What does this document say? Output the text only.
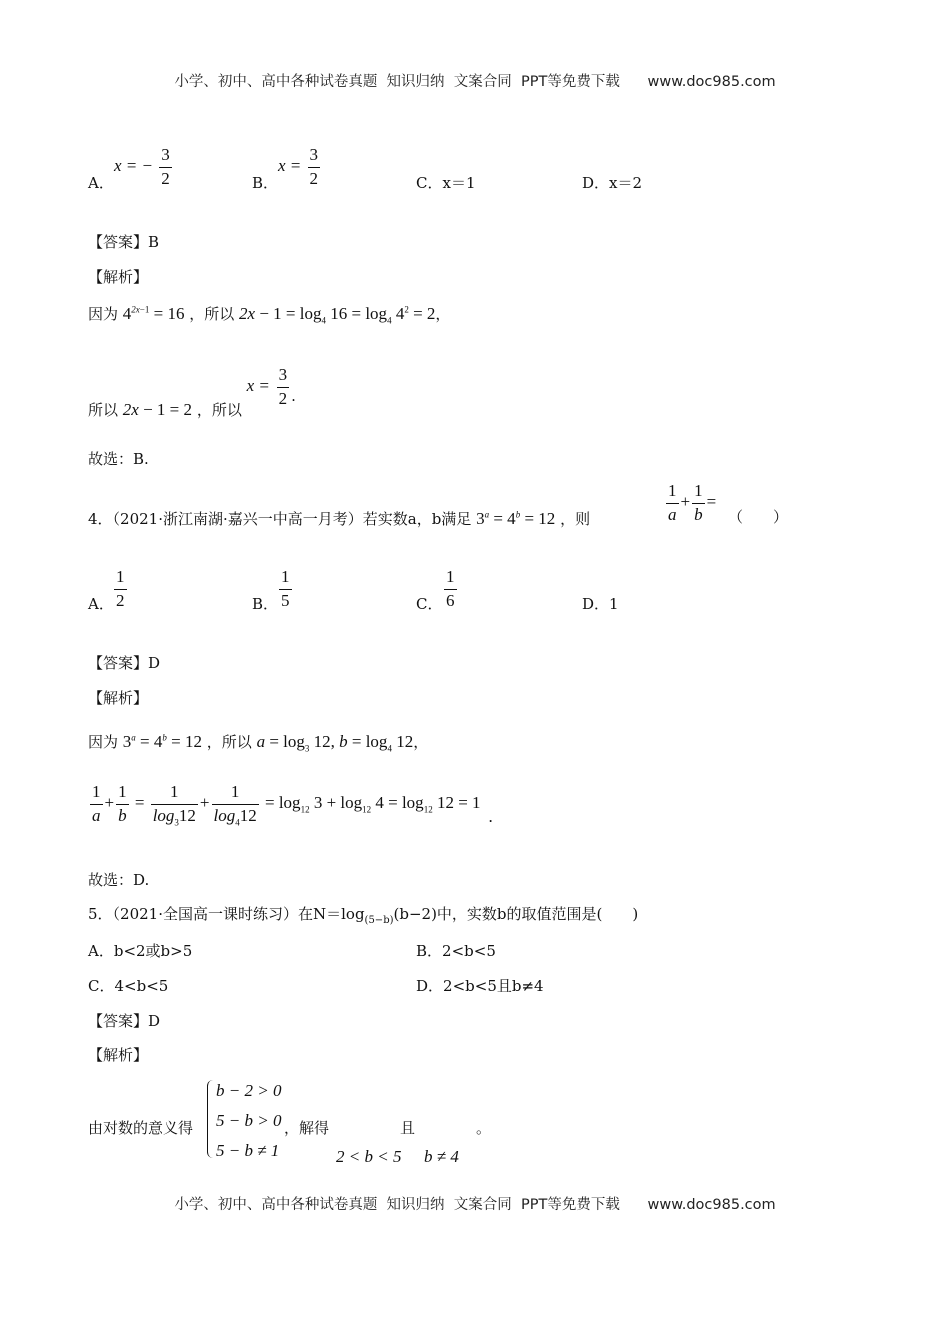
小学、初中、高中各种试卷真题  知识归纳  文案合同  PPT等免费下载      www.doc985.com
A．
x = − $\frac{3}{2}$	B．
$x = \frac{3}{2}$	C．x＝1	D．x＝2
【答案】B
【解析】
因为 $4^{2x-1} = 16$ ，所以 $2x - 1 = \log_4 16 = \log_4 4^2 = 2$，
所以 2x − 1 = 2 ，所以 $x = \frac{3}{2}$ .
故选：B.
4．（2021·浙江南湖·嘉兴一中高一月考）若实数a，b满足 $3^a = 4^b = 12$ ，则	$\frac{1}{a} + \frac{1}{b}$ =
（　　）
A． $\frac{1}{2}$	B． $\frac{1}{5}$	C． $\frac{1}{6}$	D．1
【答案】D
【解析】
因为 $3^a = 4^b = 12$ ，所以 $a = \log_3 12$, $b = \log_4 12$，
$\frac{1}{a} + \frac{1}{b} = \frac{1}{\log_312} + \frac{1}{\log_412} = \log_{12} 3 + \log_{12} 4 = \log_{12} 12 = 1$.
故选：D.
5．（2021·全国高一课时练习）在$N=\log_{(5-b)}(b-2)$中，实数b的取值范围是(　　)
A．b<2或b>5	B．2<b<5
C．4<b<5	D．2<b<5且b≠4
【答案】D
【解析】
由对数的意义得
b − 2 > 0
5 − b > 0
5 − b ≠ 1
，解得	且	。
2 < b < 5 b ≠ 4
小学、初中、高中各种试卷真题  知识归纳  文案合同  PPT等免费下载      www.doc985.com
